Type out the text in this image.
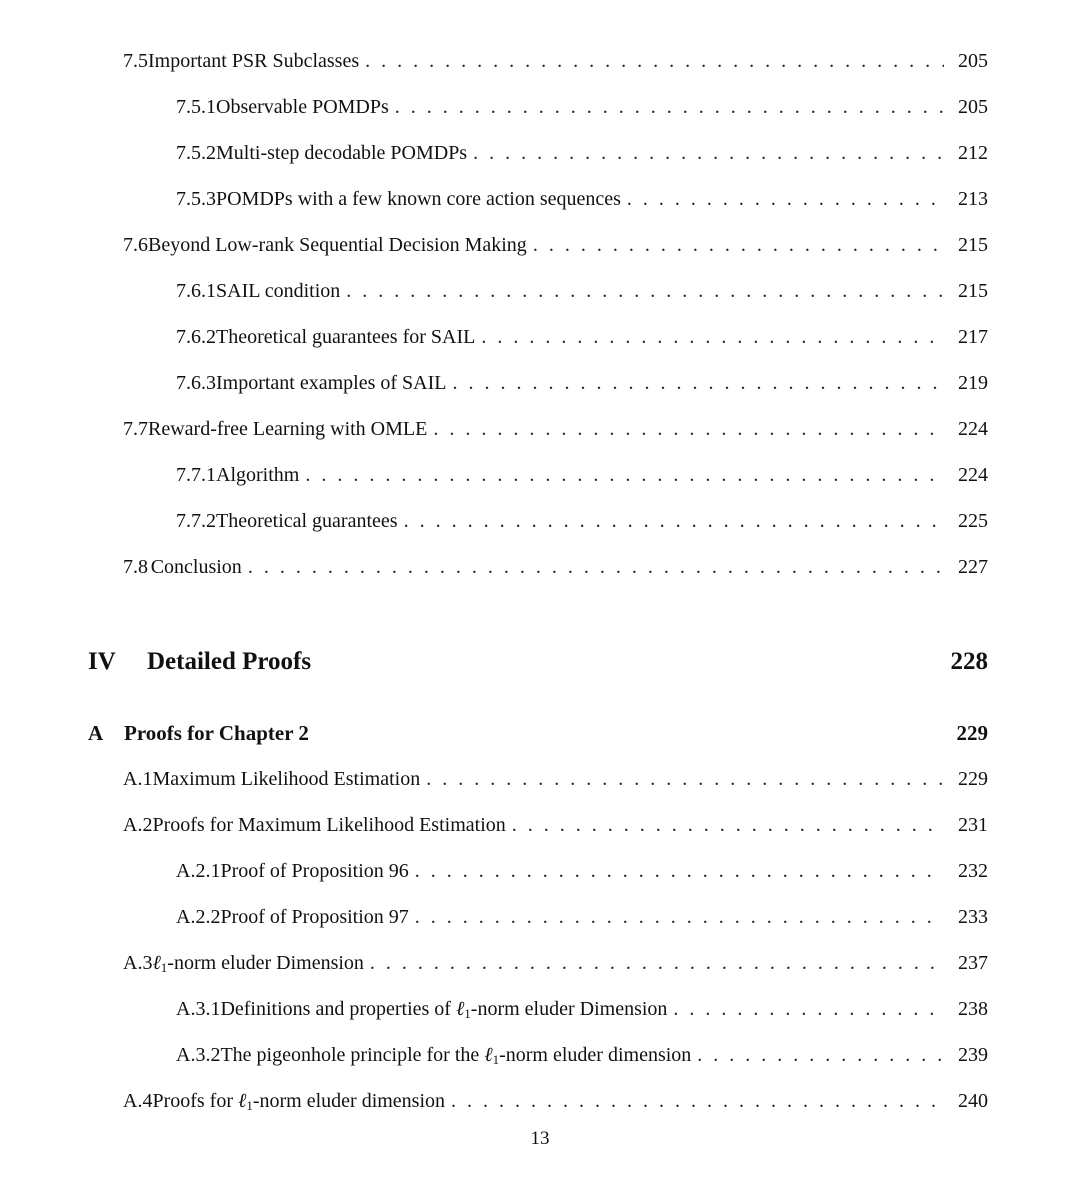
7.5 Important PSR Subclasses . . .	205
7.5.1 Observable POMDPs . . .	205
7.5.2 Multi-step decodable POMDPs . . .	212
7.5.3 POMDPs with a few known core action sequences . . .	213
7.6 Beyond Low-rank Sequential Decision Making . . .	215
7.6.1 SAIL condition . . .	215
7.6.2 Theoretical guarantees for SAIL . . .	217
7.6.3 Important examples of SAIL . . .	219
7.7 Reward-free Learning with OMLE . . .	224
7.7.1 Algorithm . . .	224
7.7.2 Theoretical guarantees . . .	225
7.8 Conclusion . . .	227
IV	Detailed Proofs	228
A Proofs for Chapter 2	229
A.1 Maximum Likelihood Estimation . . .	229
A.2 Proofs for Maximum Likelihood Estimation . . .	231
A.2.1 Proof of Proposition 96 . . .	232
A.2.2 Proof of Proposition 97 . . .	233
A.3 ℓ$_1$-norm eluder Dimension . . .	237
A.3.1 Definitions and properties of ℓ$_1$-norm eluder Dimension . . .	238
A.3.2 The pigeonhole principle for the ℓ$_1$-norm eluder dimension . . .	239
A.4 Proofs for ℓ$_1$-norm eluder dimension . . .	240
13
